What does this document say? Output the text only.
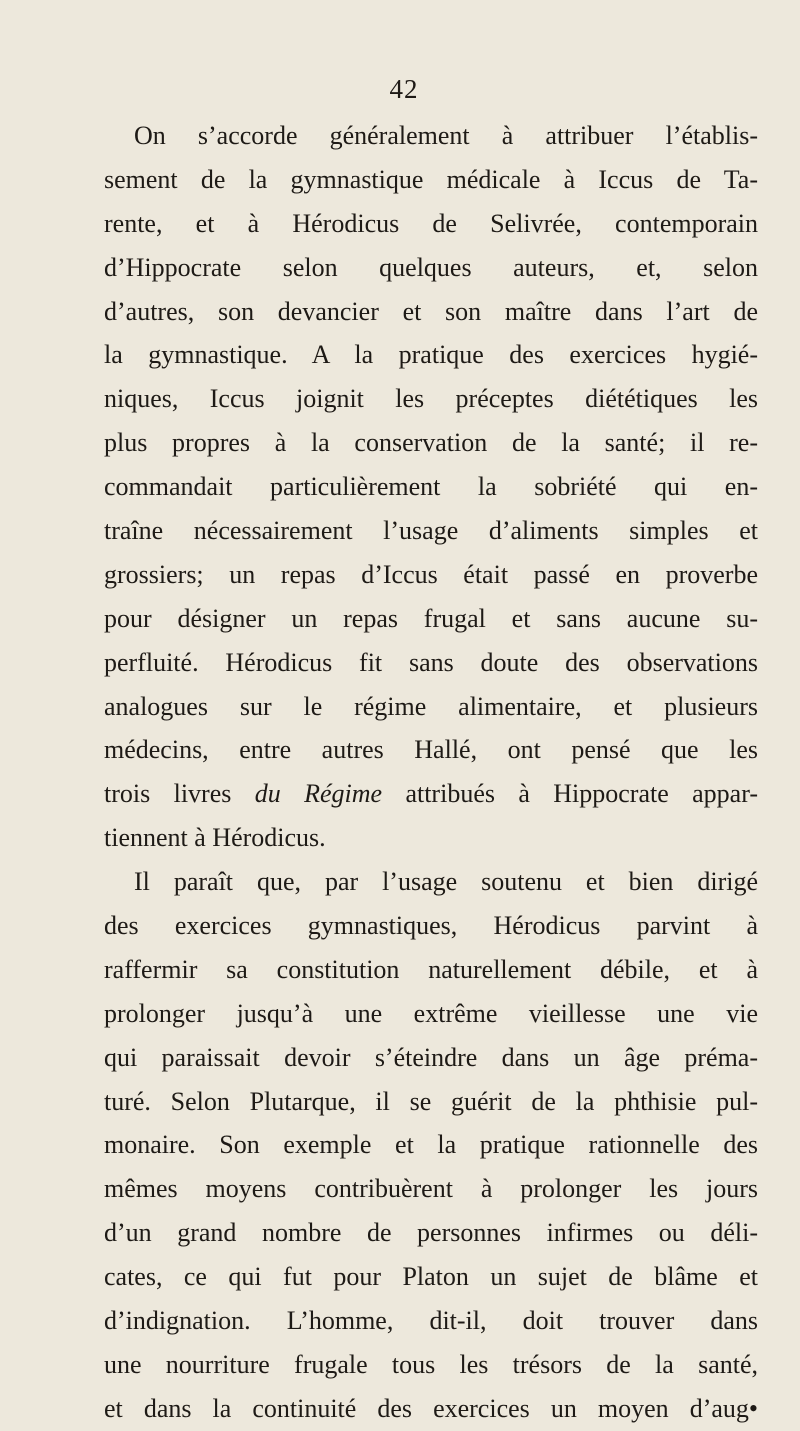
42
On s’accorde généralement à attribuer l’établis-
sement de la gymnastique médicale à Iccus de Ta-
rente, et à Hérodicus de Selivrée, contemporain
d’Hippocrate selon quelques auteurs, et, selon
d’autres, son devancier et son maître dans l’art de
la gymnastique. A la pratique des exercices hygié-
niques, Iccus joignit les préceptes diététiques les
plus propres à la conservation de la santé; il re-
commandait particulièrement la sobriété qui en-
traîne nécessairement l’usage d’aliments simples et
grossiers; un repas d’Iccus était passé en proverbe
pour désigner un repas frugal et sans aucune su-
perfluité. Hérodicus fit sans doute des observations
analogues sur le régime alimentaire, et plusieurs
médecins, entre autres Hallé, ont pensé que les
trois livres du Régime attribués à Hippocrate appar-
tiennent à Hérodicus.
Il paraît que, par l’usage soutenu et bien dirigé
des exercices gymnastiques, Hérodicus parvint à
raffermir sa constitution naturellement débile, et à
prolonger jusqu’à une extrême vieillesse une vie
qui paraissait devoir s’éteindre dans un âge préma-
turé. Selon Plutarque, il se guérit de la phthisie pul-
monaire. Son exemple et la pratique rationnelle des
mêmes moyens contribuèrent à prolonger les jours
d’un grand nombre de personnes infirmes ou déli-
cates, ce qui fut pour Platon un sujet de blâme et
d’indignation. L’homme, dit-il, doit trouver dans
une nourriture frugale tous les trésors de la santé,
et dans la continuité des exercices un moyen d’aug•
